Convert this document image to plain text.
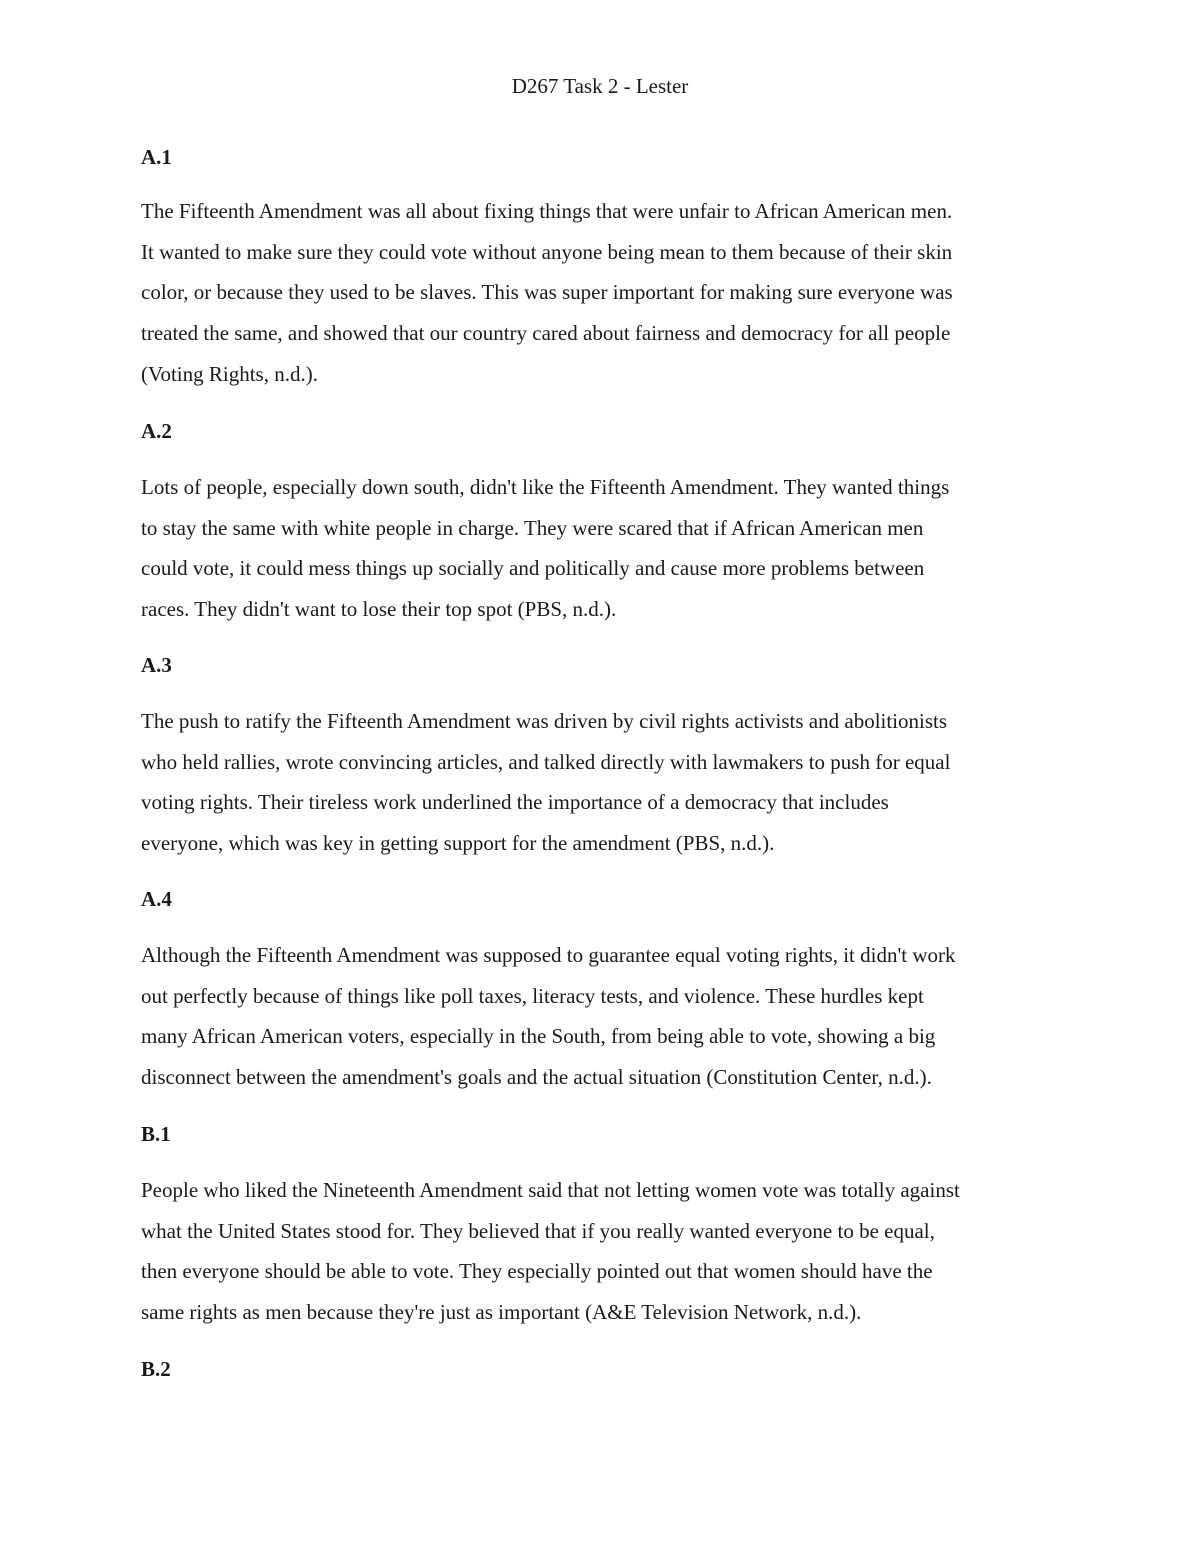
D267 Task 2 - Lester
A.1

The Fifteenth Amendment was all about fixing things that were unfair to African American men.
It wanted to make sure they could vote without anyone being mean to them because of their skin
color, or because they used to be slaves. This was super important for making sure everyone was
treated the same, and showed that our country cared about fairness and democracy for all people
(Voting Rights, n.d.).

A.2

Lots of people, especially down south, didn't like the Fifteenth Amendment. They wanted things
to stay the same with white people in charge. They were scared that if African American men
could vote, it could mess things up socially and politically and cause more problems between
races. They didn't want to lose their top spot (PBS, n.d.).

A.3

The push to ratify the Fifteenth Amendment was driven by civil rights activists and abolitionists
who held rallies, wrote convincing articles, and talked directly with lawmakers to push for equal
voting rights. Their tireless work underlined the importance of a democracy that includes
everyone, which was key in getting support for the amendment (PBS, n.d.).

A.4

Although the Fifteenth Amendment was supposed to guarantee equal voting rights, it didn't work
out perfectly because of things like poll taxes, literacy tests, and violence. These hurdles kept
many African American voters, especially in the South, from being able to vote, showing a big
disconnect between the amendment's goals and the actual situation (Constitution Center, n.d.).

B.1

People who liked the Nineteenth Amendment said that not letting women vote was totally against
what the United States stood for. They believed that if you really wanted everyone to be equal,
then everyone should be able to vote. They especially pointed out that women should have the
same rights as men because they're just as important (A&E Television Network, n.d.).

B.2
